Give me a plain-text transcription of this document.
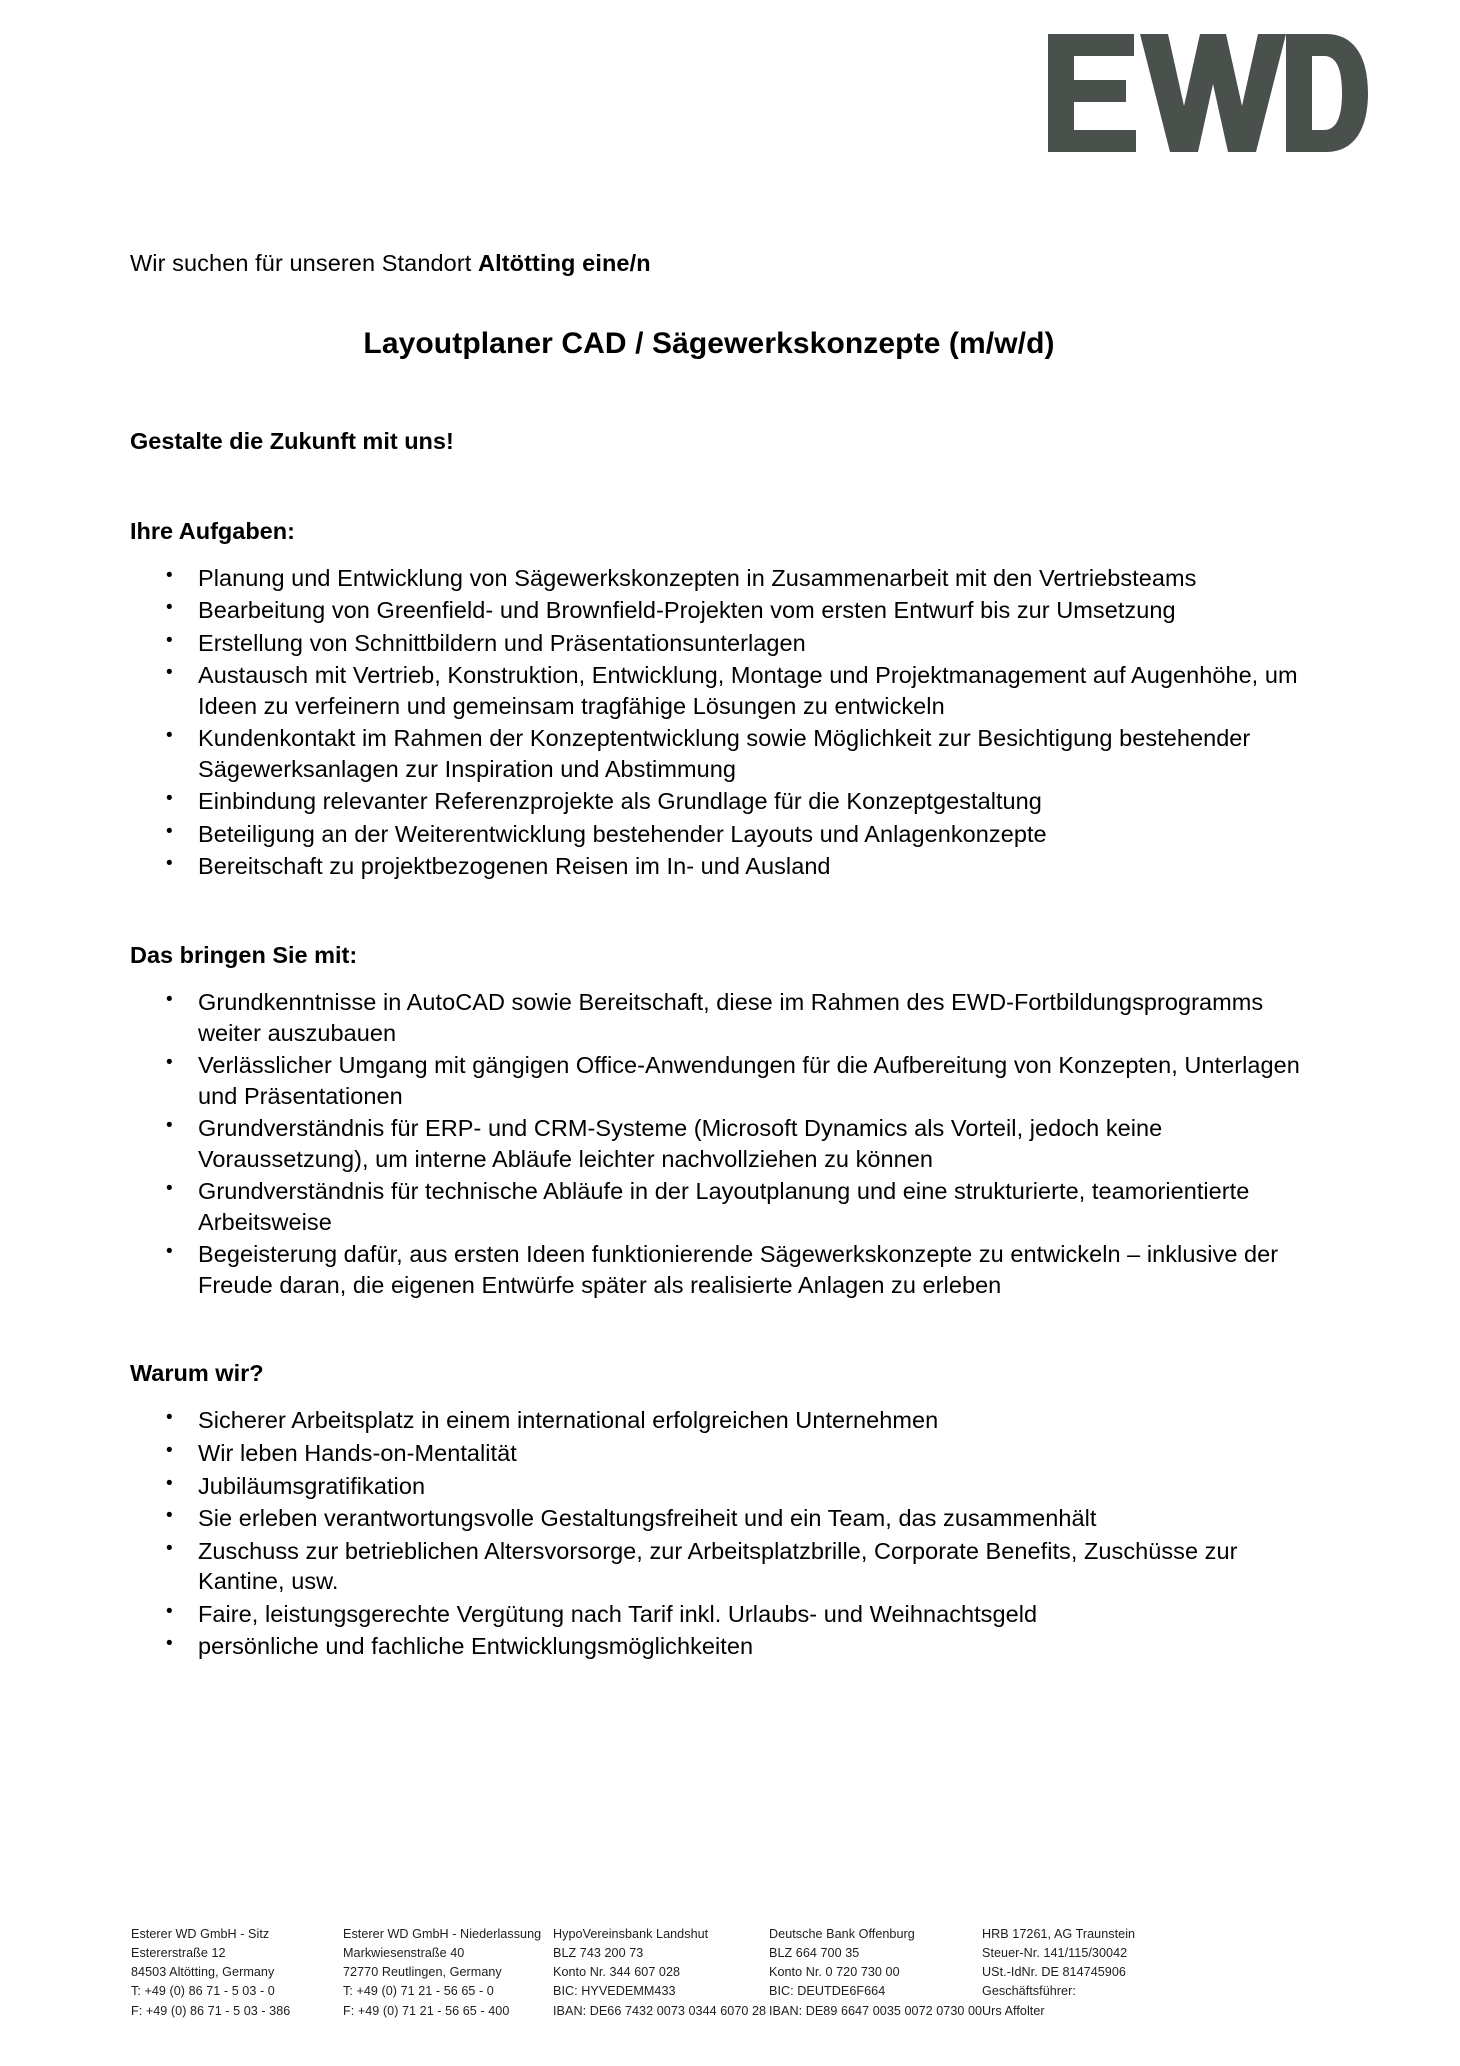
Wir suchen für unseren Standort Altötting eine/n

Layoutplaner CAD / Sägewerkskonzepte (m/w/d)

Gestalte die Zukunft mit uns!

Ihre Aufgaben:
• Planung und Entwicklung von Sägewerkskonzepten in Zusammenarbeit mit den Vertriebsteams
• Bearbeitung von Greenfield- und Brownfield-Projekten vom ersten Entwurf bis zur Umsetzung
• Erstellung von Schnittbildern und Präsentationsunterlagen
• Austausch mit Vertrieb, Konstruktion, Entwicklung, Montage und Projektmanagement auf Augenhöhe, um Ideen zu verfeinern und gemeinsam tragfähige Lösungen zu entwickeln
• Kundenkontakt im Rahmen der Konzeptentwicklung sowie Möglichkeit zur Besichtigung bestehender Sägewerksanlagen zur Inspiration und Abstimmung
• Einbindung relevanter Referenzprojekte als Grundlage für die Konzeptgestaltung
• Beteiligung an der Weiterentwicklung bestehender Layouts und Anlagenkonzepte
• Bereitschaft zu projektbezogenen Reisen im In- und Ausland
Das bringen Sie mit:
• Grundkenntnisse in AutoCAD sowie Bereitschaft, diese im Rahmen des EWD-Fortbildungsprogramms weiter auszubauen
• Verlässlicher Umgang mit gängigen Office-Anwendungen für die Aufbereitung von Konzepten, Unterlagen und Präsentationen
• Grundverständnis für ERP- und CRM-Systeme (Microsoft Dynamics als Vorteil, jedoch keine Voraussetzung), um interne Abläufe leichter nachvollziehen zu können
• Grundverständnis für technische Abläufe in der Layoutplanung und eine strukturierte, teamorientierte Arbeitsweise
• Begeisterung dafür, aus ersten Ideen funktionierende Sägewerkskonzepte zu entwickeln – inklusive der Freude daran, die eigenen Entwürfe später als realisierte Anlagen zu erleben
Warum wir?
• Sicherer Arbeitsplatz in einem international erfolgreichen Unternehmen
• Wir leben Hands-on-Mentalität
• Jubiläumsgratifikation
• Sie erleben verantwortungsvolle Gestaltungsfreiheit und ein Team, das zusammenhält
• Zuschuss zur betrieblichen Altersvorsorge, zur Arbeitsplatzbrille, Corporate Benefits, Zuschüsse zur Kantine, usw.
• Faire, leistungsgerechte Vergütung nach Tarif inkl. Urlaubs- und Weihnachtsgeld
• persönliche und fachliche Entwicklungsmöglichkeiten
Esterer WD GmbH - Sitz
Estererstraße 12
84503 Altötting, Germany
T: +49 (0) 86 71 - 5 03 - 0
F: +49 (0) 86 71 - 5 03 - 386
Esterer WD GmbH - Niederlassung
Markwiesenstraße 40
72770 Reutlingen, Germany
T: +49 (0) 71 21 - 56 65 - 0
F: +49 (0) 71 21 - 56 65 - 400
HypoVereinsbank Landshut
BLZ 743 200 73
Konto Nr. 344 607 028
BIC: HYVEDEMM433
IBAN: DE66 7432 0073 0344 6070 28
Deutsche Bank Offenburg
BLZ 664 700 35
Konto Nr. 0 720 730 00
BIC: DEUTDE6F664
IBAN: DE89 6647 0035 0072 0730 00
HRB 17261, AG Traunstein
Steuer-Nr. 141/115/30042
USt.-IdNr. DE 814745906
Geschäftsführer:
Urs Affolter
